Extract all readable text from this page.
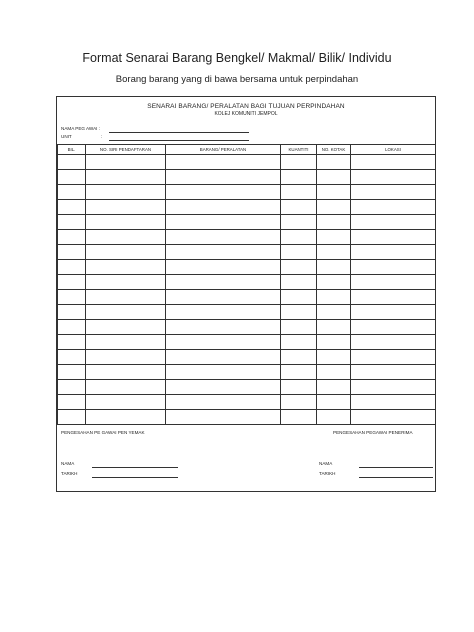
Format Senarai Barang Bengkel/ Makmal/ Bilik/ Individu
Borang barang yang di bawa bersama untuk perpindahan
SENARAI BARANG/ PERALATAN BAGI TUJUAN PERPINDAHAN
KOLEJ KOMUNITI JEMPOL
NAMA PEG AWAI :
UNIT	:
BIL.	NO. SIRI PENDAFTARAN	BARANG/ PERALATAN	KUANTITI	NO. KOTAK	LOKASI

PENGESAHAN PE GAWAI PEN YEMAK	PENGESAHAN PEGAWAI PENERIMA
NAMA
TARIKH
NAMA
TARIKH
